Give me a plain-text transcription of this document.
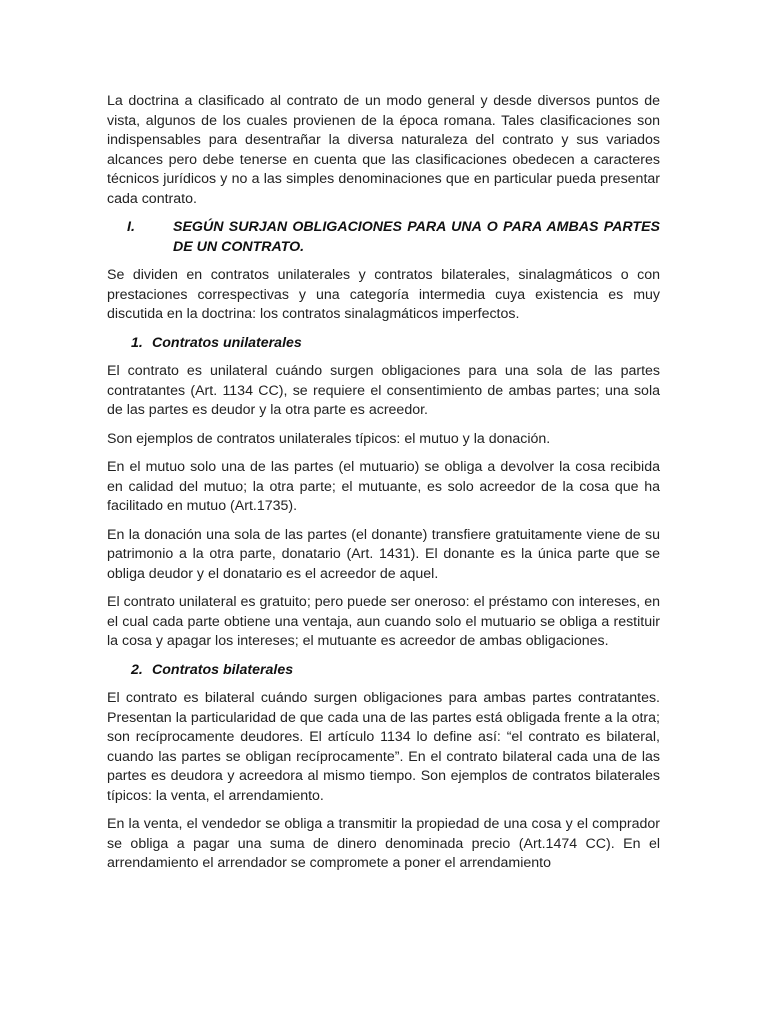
La doctrina a clasificado al contrato de un modo general y desde diversos puntos de vista, algunos de los cuales provienen de la época romana. Tales clasificaciones son indispensables para desentrañar la diversa naturaleza del contrato y sus variados alcances pero debe tenerse en cuenta que las clasificaciones obedecen a caracteres técnicos jurídicos y no a las simples denominaciones que en particular pueda presentar cada contrato.

I.	SEGÚN SURJAN OBLIGACIONES PARA UNA O PARA AMBAS PARTES DE UN CONTRATO.

Se dividen en contratos unilaterales y contratos bilaterales, sinalagmáticos o con prestaciones correspectivas y una categoría intermedia cuya existencia es muy discutida en la doctrina: los contratos sinalagmáticos imperfectos.

1. Contratos unilaterales

El contrato es unilateral cuándo surgen obligaciones para una sola de las partes contratantes (Art. 1134 CC), se requiere el consentimiento de ambas partes; una sola de las partes es deudor y la otra parte es acreedor.

Son ejemplos de contratos unilaterales típicos: el mutuo y la donación.

En el mutuo solo una de las partes (el mutuario) se obliga a devolver la cosa recibida en calidad del mutuo; la otra parte; el mutuante, es solo acreedor de la cosa que ha facilitado en mutuo (Art.1735).

En la donación una sola de las partes (el donante) transfiere gratuitamente viene de su patrimonio a la otra parte, donatario (Art. 1431). El donante es la única parte que se obliga deudor y el donatario es el acreedor de aquel.

El contrato unilateral es gratuito; pero puede ser oneroso: el préstamo con intereses, en el cual cada parte obtiene una ventaja, aun cuando solo el mutuario se obliga a restituir la cosa y apagar los intereses; el mutuante es acreedor de ambas obligaciones.

2. Contratos bilaterales

El contrato es bilateral cuándo surgen obligaciones para ambas partes contratantes. Presentan la particularidad de que cada una de las partes está obligada frente a la otra; son recíprocamente deudores. El artículo 1134 lo define así: “el contrato es bilateral, cuando las partes se obligan recíprocamente”. En el contrato bilateral cada una de las partes es deudora y acreedora al mismo tiempo. Son ejemplos de contratos bilaterales típicos: la venta, el arrendamiento.

En la venta, el vendedor se obliga a transmitir la propiedad de una cosa y el comprador se obliga a pagar una suma de dinero denominada precio (Art.1474 CC). En el arrendamiento el arrendador se compromete a poner el arrendamiento
